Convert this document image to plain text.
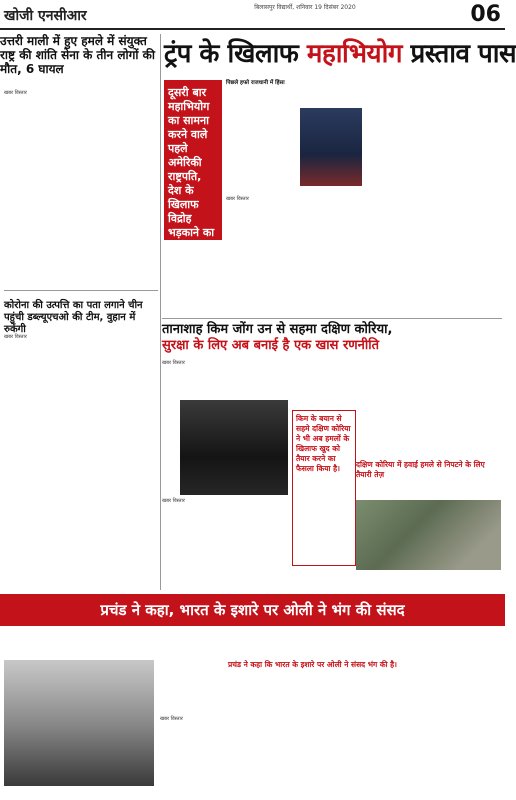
खोजी एनसीआर
बिलासपुर विद्यार्थी, शनिवार 19 दिसंबर 2020	06
उत्तरी माली में हुए हमले में संयुक्त राष्ट्र की शांति सेना के तीन लोगों की मौत, 6 घायल	ट्रंप के खिलाफ महाभियोग प्रस्ताव पास
दूसरी बार महाभियोग का सामना करने वाले पहले अमेरिकी राष्ट्रपति, देश के खिलाफ विद्रोह भड़काने का आरोप
पिछले हफ्ते राजधानी में हिंसा
कोरोना की उत्पत्ति का पता लगाने चीन पहुंची डब्ल्यूएचओ की टीम, वुहान में रुकेंगी	तानाशाह किम जोंग उन से सहमा दक्षिण कोरिया,
सुरक्षा के लिए अब बनाई है एक खास रणनीति
किम के बयान से सहमे दक्षिण कोरिया ने भी अब हमलों के खिलाफ खुद को तैयार करने का फैसला किया है।	दक्षिण कोरिया में हवाई हमले से निपटने के लिए तैयारी तेज़
प्रचंड ने कहा, भारत के इशारे पर ओली ने भंग की संसद
प्रचंड ने कहा कि भारत के इशारे पर ओली ने संसद भंग की है।
खबर विस्तार
खबर विस्तार
खबर विस्तार
खबर विस्तार
खबर विस्तार
खबर विस्तार
